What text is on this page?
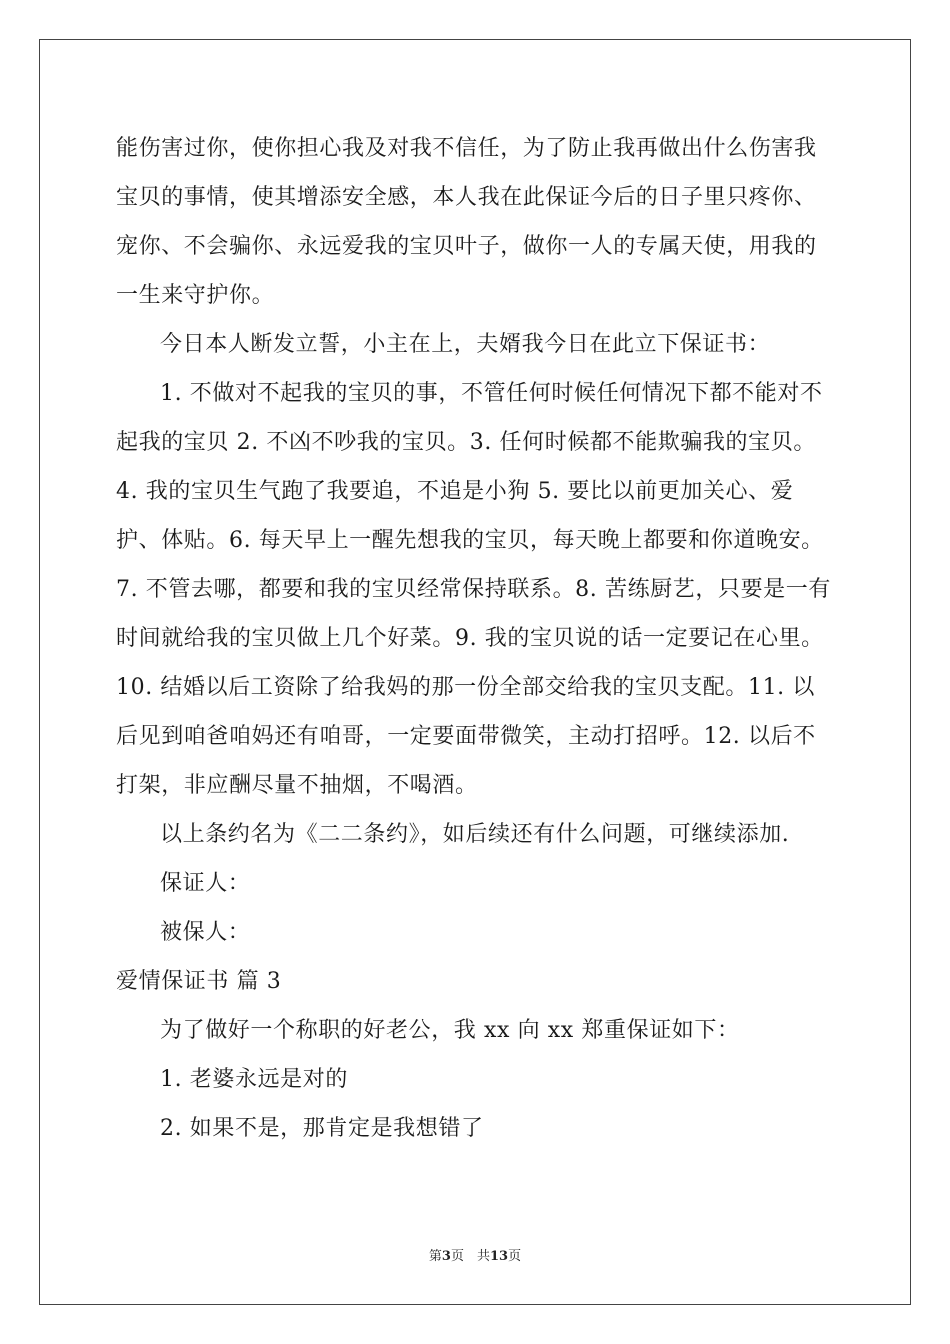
能伤害过你，使你担心我及对我不信任，为了防止我再做出什么伤害我宝贝的事情，使其增添安全感，本人我在此保证今后的日子里只疼你、宠你、不会骗你、永远爱我的宝贝叶子，做你一人的专属天使，用我的一生来守护你。

今日本人断发立誓，小主在上，夫婿我今日在此立下保证书：

1. 不做对不起我的宝贝的事，不管任何时候任何情况下都不能对不起我的宝贝 2. 不凶不吵我的宝贝。3. 任何时候都不能欺骗我的宝贝。4. 我的宝贝生气跑了我要追，不追是小狗 5. 要比以前更加关心、爱护、体贴。6. 每天早上一醒先想我的宝贝，每天晚上都要和你道晚安。7. 不管去哪，都要和我的宝贝经常保持联系。8. 苦练厨艺，只要是一有时间就给我的宝贝做上几个好菜。9. 我的宝贝说的话一定要记在心里。10. 结婚以后工资除了给我妈的那一份全部交给我的宝贝支配。11. 以后见到咱爸咱妈还有咱哥，一定要面带微笑，主动打招呼。12. 以后不打架，非应酬尽量不抽烟，不喝酒。

以上条约名为《二二条约》，如后续还有什么问题，可继续添加.

保证人：

被保人：

爱情保证书 篇 3

为了做好一个称职的好老公，我 xx 向 xx 郑重保证如下：

1. 老婆永远是对的

2. 如果不是，那肯定是我想错了

第3页　共13页
